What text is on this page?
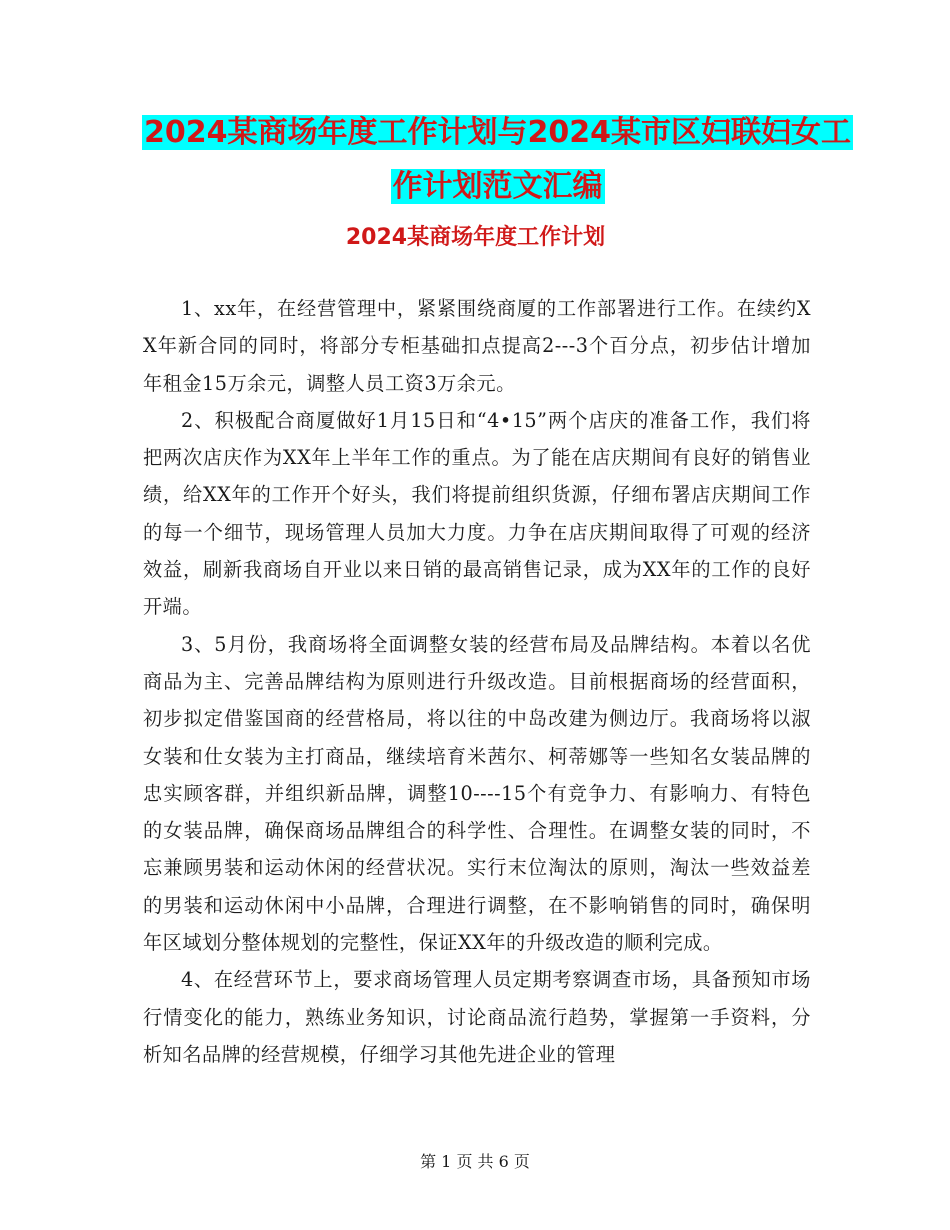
2024某商场年度工作计划与2024某市区妇联妇女工作计划范文汇编
2024某商场年度工作计划

1、xx年，在经营管理中，紧紧围绕商厦的工作部署进行工作。在续约XX年新合同的同时，将部分专柜基础扣点提高2---3个百分点，初步估计增加年租金15万余元，调整人员工资3万余元。

2、积极配合商厦做好1月15日和“4•15”两个店庆的准备工作，我们将把两次店庆作为XX年上半年工作的重点。为了能在店庆期间有良好的销售业绩，给XX年的工作开个好头，我们将提前组织货源，仔细布署店庆期间工作的每一个细节，现场管理人员加大力度。力争在店庆期间取得了可观的经济效益，刷新我商场自开业以来日销的最高销售记录，成为XX年的工作的良好开端。

3、5月份，我商场将全面调整女装的经营布局及品牌结构。本着以名优商品为主、完善品牌结构为原则进行升级改造。目前根据商场的经营面积，初步拟定借鉴国商的经营格局，将以往的中岛改建为侧边厅。我商场将以淑女装和仕女装为主打商品，继续培育米茜尔、柯蒂娜等一些知名女装品牌的忠实顾客群，并组织新品牌，调整10----15个有竞争力、有影响力、有特色的女装品牌，确保商场品牌组合的科学性、合理性。在调整女装的同时，不忘兼顾男装和运动休闲的经营状况。实行末位淘汰的原则，淘汰一些效益差的男装和运动休闲中小品牌，合理进行调整，在不影响销售的同时，确保明年区域划分整体规划的完整性，保证XX年的升级改造的顺利完成。

4、在经营环节上，要求商场管理人员定期考察调查市场，具备预知市场行情变化的能力，熟练业务知识，讨论商品流行趋势，掌握第一手资料，分析知名品牌的经营规模，仔细学习其他先进企业的管理

第 1 页 共 6 页
